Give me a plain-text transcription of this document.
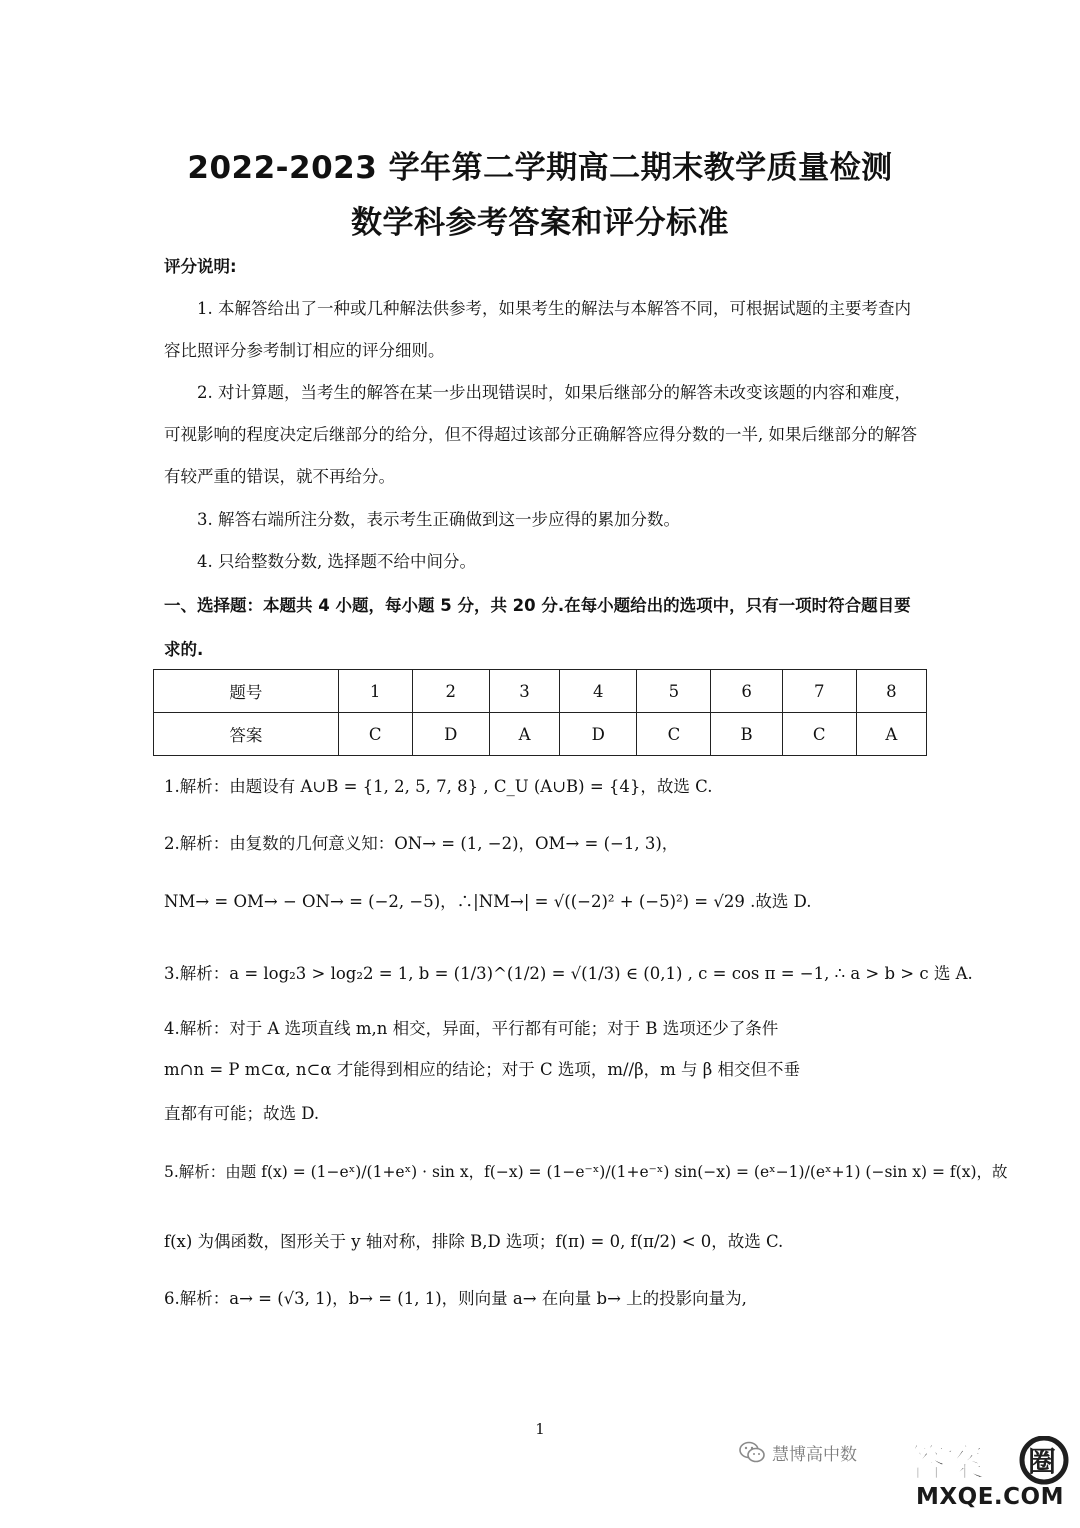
2022-2023 学年第二学期高二期末教学质量检测
数学科参考答案和评分标准
评分说明:
1. 本解答给出了一种或几种解法供参考，如果考生的解法与本解答不同，可根据试题的主要考查内容比照评分参考制订相应的评分细则。
2. 对计算题，当考生的解答在某一步出现错误时，如果后继部分的解答未改变该题的内容和难度，可视影响的程度决定后继部分的给分，但不得超过该部分正确解答应得分数的一半, 如果后继部分的解答有较严重的错误，就不再给分。
3. 解答右端所注分数，表示考生正确做到这一步应得的累加分数。
4. 只给整数分数, 选择题不给中间分。
一、选择题：本题共 4 小题，每小题 5 分，共 20 分.在每小题给出的选项中，只有一项时符合题目要求的.
题号	1	2	3	4	5	6	7	8
答案	C	D	A	D	C	B	C	A
1.解析：由题设有 A∪B = {1, 2, 5, 7, 8} , C_U (A∪B) = {4}，故选 C.
2.解析：由复数的几何意义知：ON→ = (1, −2)，OM→ = (−1, 3)，
NM→ = OM→ − ON→ = (−2, −5)，∴|NM→| = √((−2)² + (−5)²) = √29 .故选 D.
3.解析：a = log₂3 > log₂2 = 1, b = (1/3)^(1/2) = √(1/3) ∈ (0,1) , c = cos π = −1, ∴ a > b > c 选 A.
4.解析：对于 A 选项直线 m,n 相交，异面，平行都有可能；对于 B 选项还少了条件
m∩n = P m⊂α, n⊂α 才能得到相应的结论；对于 C 选项，m//β，m 与 β 相交但不垂
直都有可能；故选 D.
5.解析：由题 f(x) = (1−eˣ)/(1+eˣ) · sin x，f(−x) = (1−e⁻ˣ)/(1+e⁻ˣ) sin(−x) = (eˣ−1)/(eˣ+1) (−sin x) = f(x)，故
f(x) 为偶函数，图形关于 y 轴对称，排除 B,D 选项；f(π) = 0, f(π/2) < 0，故选 C.
6.解析：a→ = (√3, 1)，b→ = (1, 1)，则向量 a→ 在向量 b→ 上的投影向量为,
1
慧博高中数 答案 圈
MXQE.COM
